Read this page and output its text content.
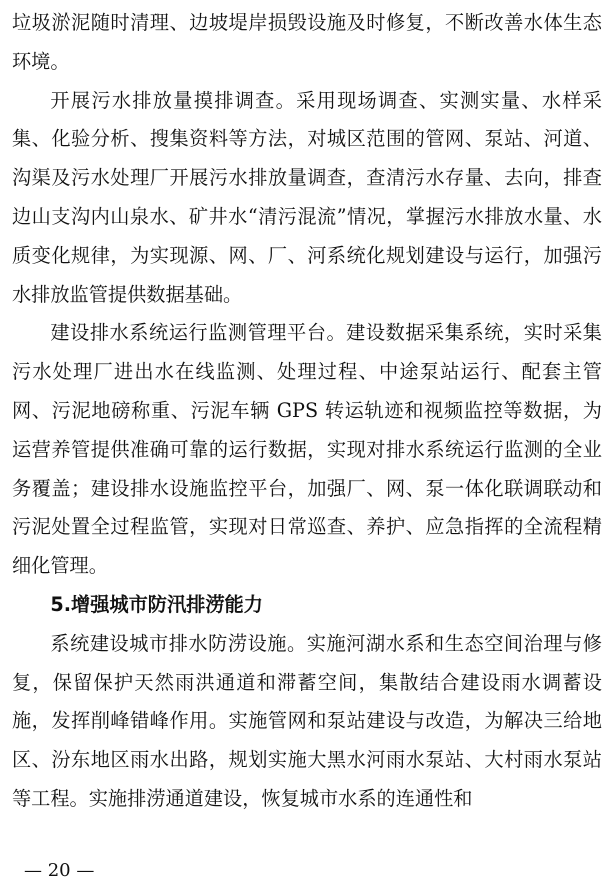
垃圾淤泥随时清理、边坡堤岸损毁设施及时修复，不断改善水体生态环境。

开展污水排放量摸排调查。采用现场调查、实测实量、水样采集、化验分析、搜集资料等方法，对城区范围的管网、泵站、河道、沟渠及污水处理厂开展污水排放量调查，查清污水存量、去向，排查边山支沟内山泉水、矿井水“清污混流”情况，掌握污水排放水量、水质变化规律，为实现源、网、厂、河系统化规划建设与运行，加强污水排放监管提供数据基础。

建设排水系统运行监测管理平台。建设数据采集系统，实时采集污水处理厂进出水在线监测、处理过程、中途泵站运行、配套主管网、污泥地磅称重、污泥车辆 GPS 转运轨迹和视频监控等数据，为运营养管提供准确可靠的运行数据，实现对排水系统运行监测的全业务覆盖；建设排水设施监控平台，加强厂、网、泵一体化联调联动和污泥处置全过程监管，实现对日常巡查、养护、应急指挥的全流程精细化管理。

5.增强城市防汛排涝能力

系统建设城市排水防涝设施。实施河湖水系和生态空间治理与修复，保留保护天然雨洪通道和滞蓄空间，集散结合建设雨水调蓄设施，发挥削峰错峰作用。实施管网和泵站建设与改造，为解决三给地区、汾东地区雨水出路，规划实施大黑水河雨水泵站、大村雨水泵站等工程。实施排涝通道建设，恢复城市水系的连通性和

— 20 —
